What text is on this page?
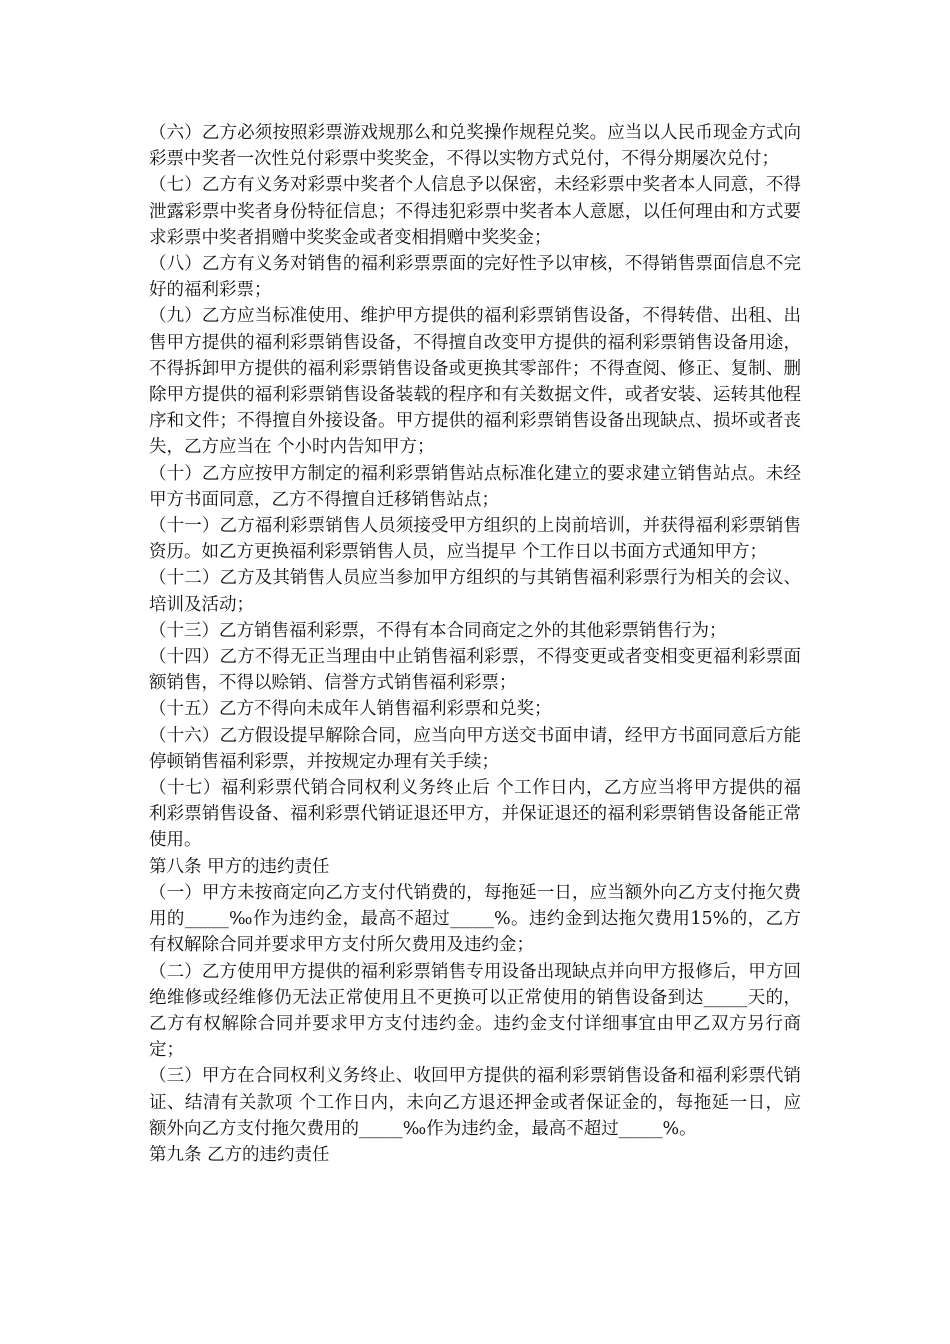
（六）乙方必须按照彩票游戏规那么和兑奖操作规程兑奖。应当以人民币现金方式向彩票中奖者一次性兑付彩票中奖奖金，不得以实物方式兑付，不得分期屡次兑付；

（七）乙方有义务对彩票中奖者个人信息予以保密，未经彩票中奖者本人同意，不得泄露彩票中奖者身份特征信息；不得违犯彩票中奖者本人意愿，以任何理由和方式要求彩票中奖者捐赠中奖奖金或者变相捐赠中奖奖金；

（八）乙方有义务对销售的福利彩票票面的完好性予以审核，不得销售票面信息不完好的福利彩票；

（九）乙方应当标准使用、维护甲方提供的福利彩票销售设备，不得转借、出租、出售甲方提供的福利彩票销售设备，不得擅自改变甲方提供的福利彩票销售设备用途，不得拆卸甲方提供的福利彩票销售设备或更换其零部件；不得查阅、修正、复制、删除甲方提供的福利彩票销售设备装载的程序和有关数据文件，或者安装、运转其他程序和文件；不得擅自外接设备。甲方提供的福利彩票销售设备出现缺点、损坏或者丧失，乙方应当在 个小时内告知甲方；

（十）乙方应按甲方制定的福利彩票销售站点标准化建立的要求建立销售站点。未经甲方书面同意，乙方不得擅自迁移销售站点；

（十一）乙方福利彩票销售人员须接受甲方组织的上岗前培训，并获得福利彩票销售资历。如乙方更换福利彩票销售人员，应当提早 个工作日以书面方式通知甲方；

（十二）乙方及其销售人员应当参加甲方组织的与其销售福利彩票行为相关的会议、培训及活动；

（十三）乙方销售福利彩票，不得有本合同商定之外的其他彩票销售行为；

（十四）乙方不得无正当理由中止销售福利彩票，不得变更或者变相变更福利彩票面额销售，不得以赊销、信誉方式销售福利彩票；

（十五）乙方不得向未成年人销售福利彩票和兑奖；

（十六）乙方假设提早解除合同，应当向甲方送交书面申请，经甲方书面同意后方能停顿销售福利彩票，并按规定办理有关手续；

（十七）福利彩票代销合同权利义务终止后 个工作日内，乙方应当将甲方提供的福利彩票销售设备、福利彩票代销证退还甲方，并保证退还的福利彩票销售设备能正常使用。

第八条 甲方的违约责任

（一）甲方未按商定向乙方支付代销费的，每拖延一日，应当额外向乙方支付拖欠费用的_____‰作为违约金，最高不超过_____%。违约金到达拖欠费用15%的，乙方有权解除合同并要求甲方支付所欠费用及违约金；

（二）乙方使用甲方提供的福利彩票销售专用设备出现缺点并向甲方报修后，甲方回绝维修或经维修仍无法正常使用且不更换可以正常使用的销售设备到达_____天的，乙方有权解除合同并要求甲方支付违约金。违约金支付详细事宜由甲乙双方另行商定；

（三）甲方在合同权利义务终止、收回甲方提供的福利彩票销售设备和福利彩票代销证、结清有关款项 个工作日内，未向乙方退还押金或者保证金的，每拖延一日，应额外向乙方支付拖欠费用的_____‰作为违约金，最高不超过_____%。

第九条 乙方的违约责任
